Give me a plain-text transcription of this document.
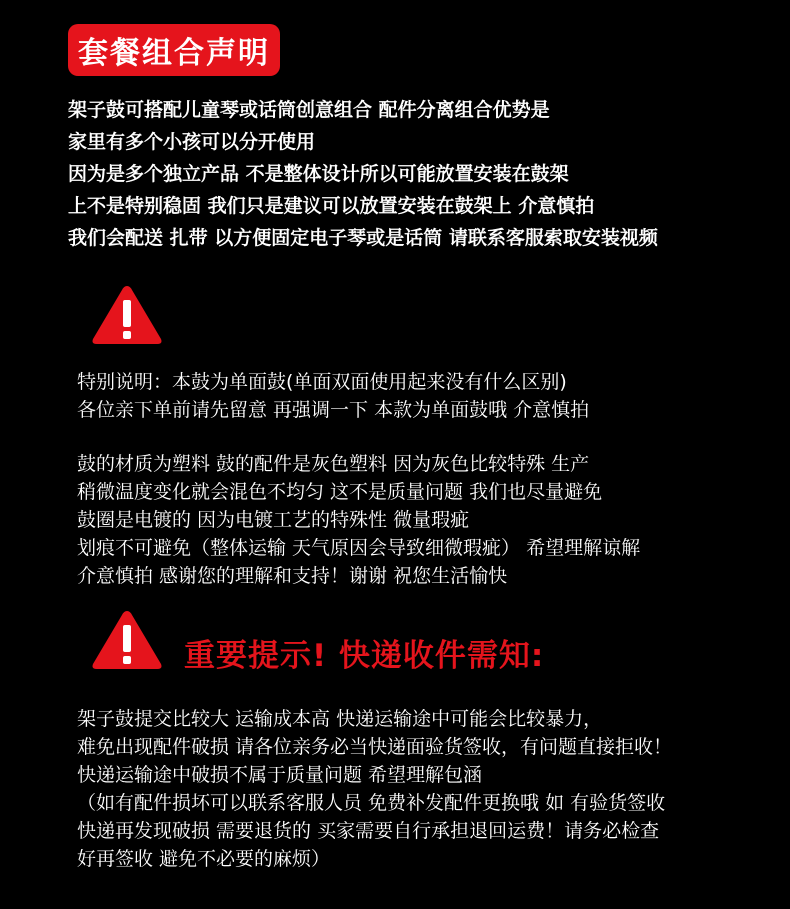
套餐组合声明
架子鼓可搭配儿童琴或话筒创意组合 配件分离组合优势是
家里有多个小孩可以分开使用
因为是多个独立产品 不是整体设计所以可能放置安装在鼓架
上不是特别稳固 我们只是建议可以放置安装在鼓架上 介意慎拍
我们会配送 扎带 以方便固定电子琴或是话筒 请联系客服索取安装视频
特别说明：本鼓为单面鼓(单面双面使用起来没有什么区别)
各位亲下单前请先留意 再强调一下 本款为单面鼓哦 介意慎拍
鼓的材质为塑料 鼓的配件是灰色塑料 因为灰色比较特殊 生产
稍微温度变化就会混色不均匀 这不是质量问题 我们也尽量避免
鼓圈是电镀的 因为电镀工艺的特殊性 微量瑕疵
划痕不可避免（整体运输 天气原因会导致细微瑕疵） 希望理解谅解
介意慎拍 感谢您的理解和支持！谢谢 祝您生活愉快
重要提示! 快递收件需知:
架子鼓提交比较大 运输成本高 快递运输途中可能会比较暴力，
难免出现配件破损 请各位亲务必当快递面验货签收，有问题直接拒收！
快递运输途中破损不属于质量问题 希望理解包涵
（如有配件损坏可以联系客服人员 免费补发配件更换哦 如 有验货签收
快递再发现破损 需要退货的 买家需要自行承担退回运费！请务必检查
好再签收 避免不必要的麻烦）
